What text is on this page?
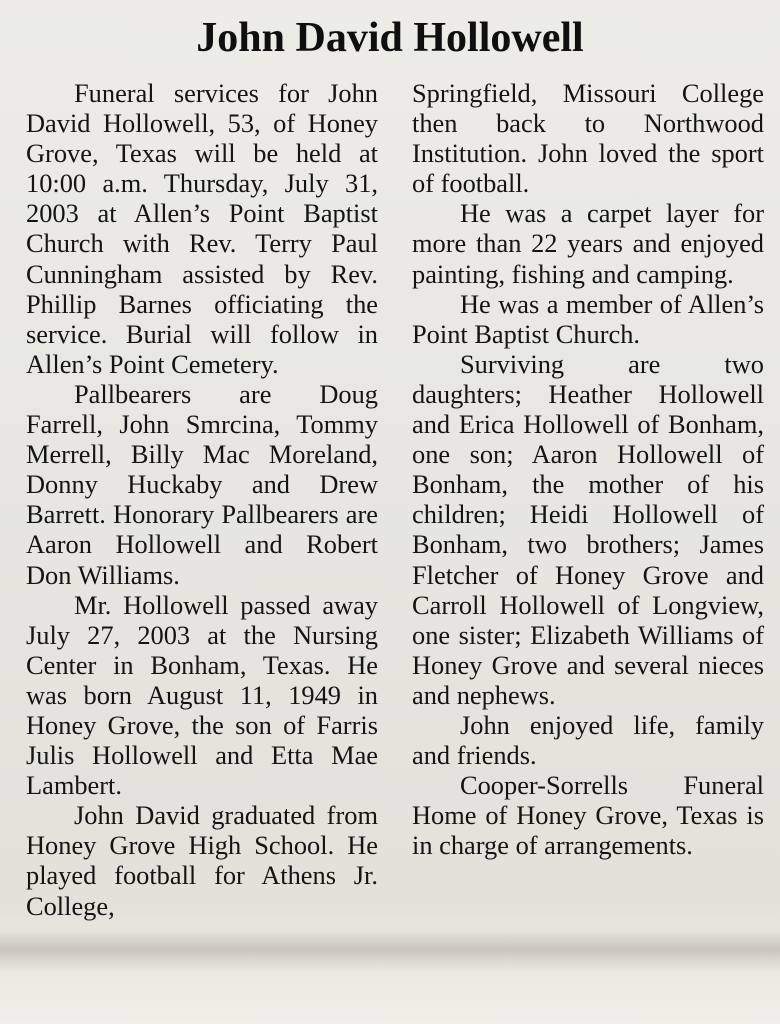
John David Hollowell

Funeral services for John David Hollowell, 53, of Honey Grove, Texas will be held at 10:00 a.m. Thursday, July 31, 2003 at Allen’s Point Baptist Church with Rev. Terry Paul Cunningham assisted by Rev. Phillip Barnes officiating the service. Burial will follow in Allen’s Point Cemetery.

Pallbearers are Doug Farrell, John Smrcina, Tommy Merrell, Billy Mac Moreland, Donny Huckaby and Drew Barrett. Honorary Pallbearers are Aaron Hollowell and Robert Don Williams.

Mr. Hollowell passed away July 27, 2003 at the Nursing Center in Bonham, Texas. He was born August 11, 1949 in Honey Grove, the son of Farris Julis Hollowell and Etta Mae Lambert.

John David graduated from Honey Grove High School. He played football for Athens Jr. College,

Springfield, Missouri College then back to Northwood Institution. John loved the sport of football.

He was a carpet layer for more than 22 years and enjoyed painting, fishing and camping.

He was a member of Allen’s Point Baptist Church.

Surviving are two daughters; Heather Hollowell and Erica Hollowell of Bonham, one son; Aaron Hollowell of Bonham, the mother of his children; Heidi Hollowell of Bonham, two brothers; James Fletcher of Honey Grove and Carroll Hollowell of Longview, one sister; Elizabeth Williams of Honey Grove and several nieces and nephews.

John enjoyed life, family and friends.

Cooper-Sorrells Funeral Home of Honey Grove, Texas is in charge of arrangements.
